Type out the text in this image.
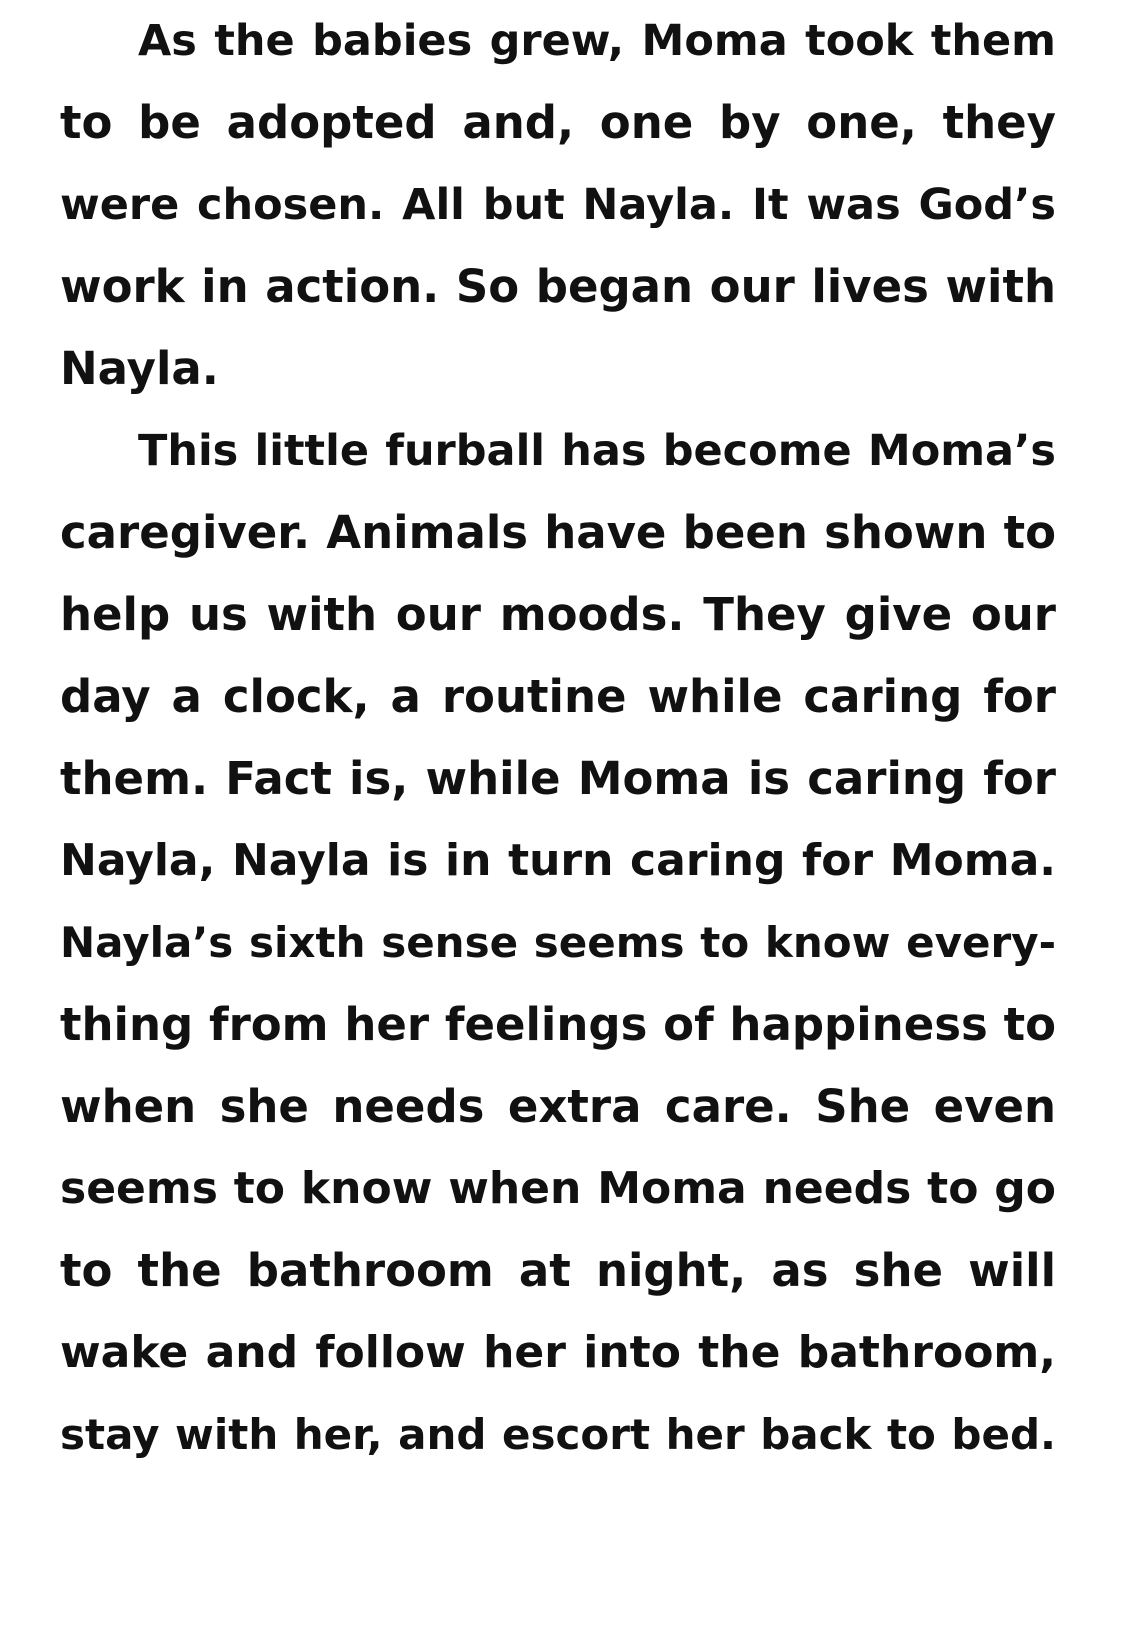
As the babies grew, Moma took them
to be adopted and, one by one, they
were chosen. All but Nayla. It was God’s
work in action. So began our lives with
Nayla.
This little furball has become Moma’s
caregiver. Animals have been shown to
help us with our moods. They give our
day a clock, a routine while caring for
them. Fact is, while Moma is caring for
Nayla, Nayla is in turn caring for Moma.
Nayla’s sixth sense seems to know every-
thing from her feelings of happiness to
when she needs extra care. She even
seems to know when Moma needs to go
to the bathroom at night, as she will
wake and follow her into the bathroom,
stay with her, and escort her back to bed.
